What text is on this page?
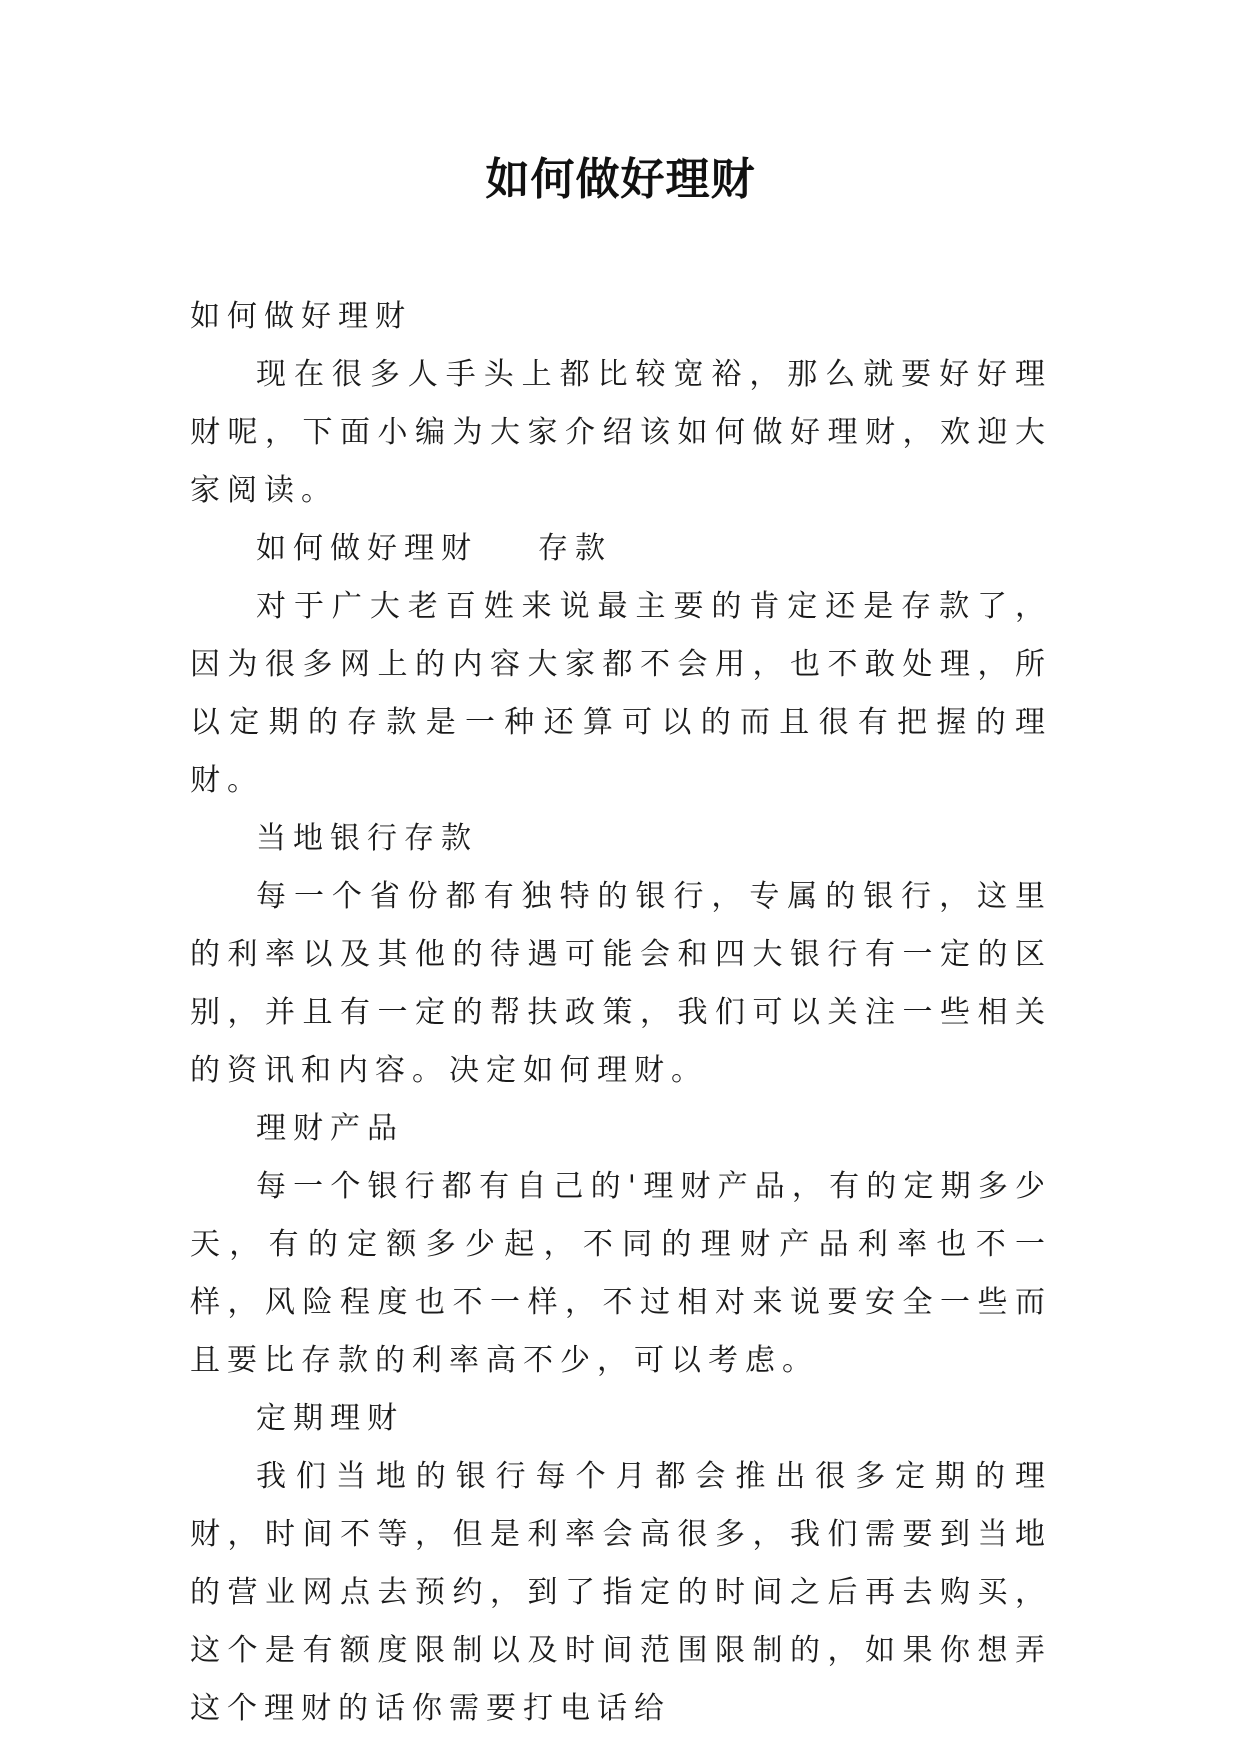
如何做好理财

如何做好理财

现在很多人手头上都比较宽裕，那么就要好好理财呢，下面小编为大家介绍该如何做好理财，欢迎大家阅读。

如何做好理财 存款

对于广大老百姓来说最主要的肯定还是存款了，因为很多网上的内容大家都不会用，也不敢处理，所以定期的存款是一种还算可以的而且很有把握的理财。

当地银行存款

每一个省份都有独特的银行，专属的银行，这里的利率以及其他的待遇可能会和四大银行有一定的区别，并且有一定的帮扶政策，我们可以关注一些相关的资讯和内容。决定如何理财。

理财产品

每一个银行都有自己的'理财产品，有的定期多少天，有的定额多少起，不同的理财产品利率也不一样，风险程度也不一样，不过相对来说要安全一些而且要比存款的利率高不少，可以考虑。

定期理财

我们当地的银行每个月都会推出很多定期的理财，时间不等，但是利率会高很多，我们需要到当地的营业网点去预约，到了指定的时间之后再去购买，这个是有额度限制以及时间范围限制的，如果你想弄这个理财的话你需要打电话给
